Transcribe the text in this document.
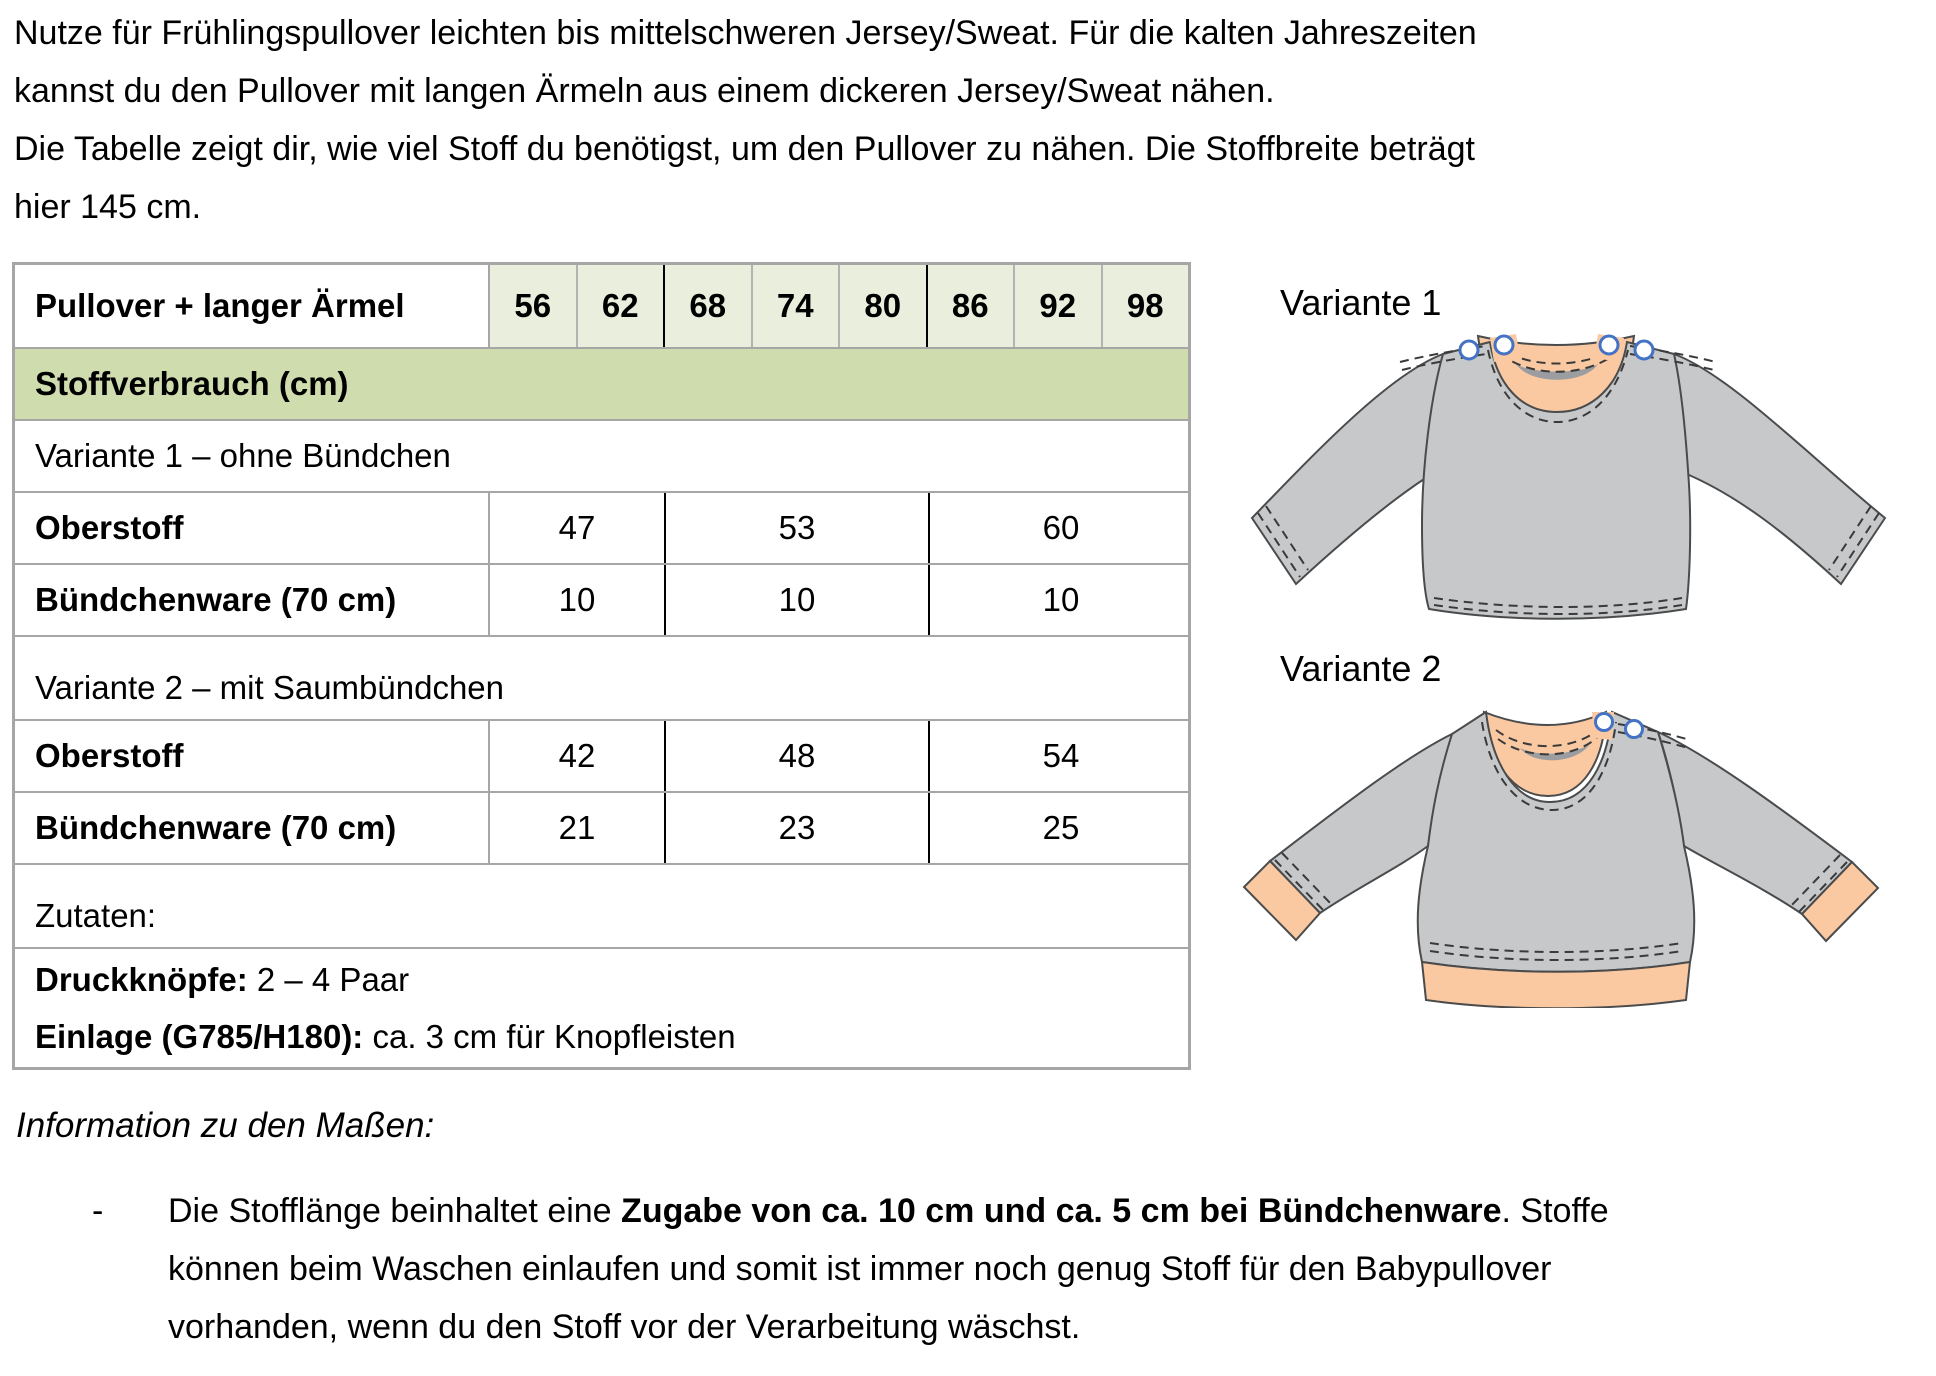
Nutze für Frühlingspullover leichten bis mittelschweren Jersey/Sweat. Für die kalten Jahreszeiten
kannst du den Pullover mit langen Ärmeln aus einem dickeren Jersey/Sweat nähen.
Die Tabelle zeigt dir, wie viel Stoff du benötigst, um den Pullover zu nähen. Die Stoffbreite beträgt
hier 145 cm.
Pullover + langer Ärmel	56	62	68	74	80	86	92	98
Stoffverbrauch (cm)
Variante 1 – ohne Bündchen
Oberstoff	47	53	60
Bündchenware (70 cm)	10	10	10
Variante 2 – mit Saumbündchen
Oberstoff	42	48	54
Bündchenware (70 cm)	21	23	25
Zutaten:
Druckknöpfe: 2 – 4 Paar
Einlage (G785/H180): ca. 3 cm für Knopfleisten
Variante 1
Variante 2
Information zu den Maßen:
- Die Stofflänge beinhaltet eine Zugabe von ca. 10 cm und ca. 5 cm bei Bündchenware. Stoffe
können beim Waschen einlaufen und somit ist immer noch genug Stoff für den Babypullover
vorhanden, wenn du den Stoff vor der Verarbeitung wäschst.
